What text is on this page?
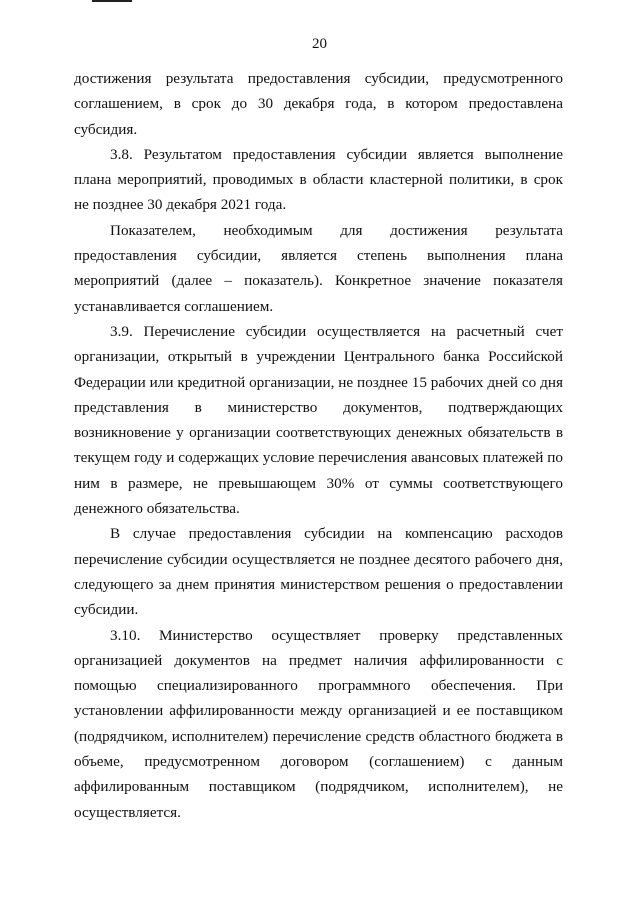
20

достижения результата предоставления субсидии, предусмотренного
соглашением, в срок до 30 декабря года, в котором предоставлена
субсидия.

3.8. Результатом предоставления субсидии является выполнение
плана мероприятий, проводимых в области кластерной политики, в срок
не позднее 30 декабря 2021 года.

Показателем, необходимым для достижения результата
предоставления субсидии, является степень выполнения плана
мероприятий (далее – показатель). Конкретное значение показателя
устанавливается соглашением.

3.9. Перечисление субсидии осуществляется на расчетный счет
организации, открытый в учреждении Центрального банка Российской
Федерации или кредитной организации, не позднее 15 рабочих дней со дня
представления в министерство документов, подтверждающих
возникновение у организации соответствующих денежных обязательств в
текущем году и содержащих условие перечисления авансовых платежей по
ним в размере, не превышающем 30% от суммы соответствующего
денежного обязательства.

В случае предоставления субсидии на компенсацию расходов
перечисление субсидии осуществляется не позднее десятого рабочего дня,
следующего за днем принятия министерством решения о предоставлении
субсидии.

3.10. Министерство осуществляет проверку представленных
организацией документов на предмет наличия аффилированности с
помощью специализированного программного обеспечения. При
установлении аффилированности между организацией и ее поставщиком
(подрядчиком, исполнителем) перечисление средств областного бюджета в
объеме, предусмотренном договором (соглашением) с данным
аффилированным поставщиком (подрядчиком, исполнителем), не
осуществляется.
